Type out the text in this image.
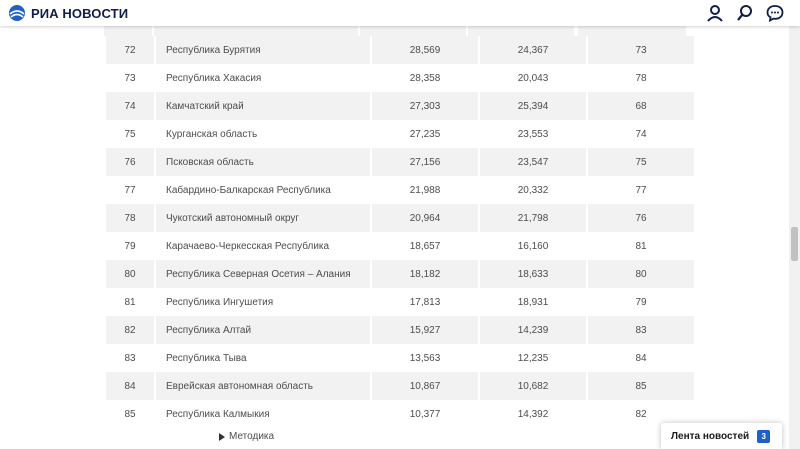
72	Республика Бурятия	28,569	24,367	73
73	Республика Хакасия	28,358	20,043	78
74	Камчатский край	27,303	25,394	68
75	Курганская область	27,235	23,553	74
76	Псковская область	27,156	23,547	75
77	Кабардино-Балкарская Республика	21,988	20,332	77
78	Чукотский автономный округ	20,964	21,798	76
79	Карачаево-Черкесская Республика	18,657	16,160	81
80	Республика Северная Осетия – Алания	18,182	18,633	80
81	Республика Ингушетия	17,813	18,931	79
82	Республика Алтай	15,927	14,239	83
83	Республика Тыва	13,563	12,235	84
84	Еврейская автономная область	10,867	10,682	85
85	Республика Калмыкия	10,377	14,392	82
Методика
РИА НОВОСТИ
Лента новостей	3
